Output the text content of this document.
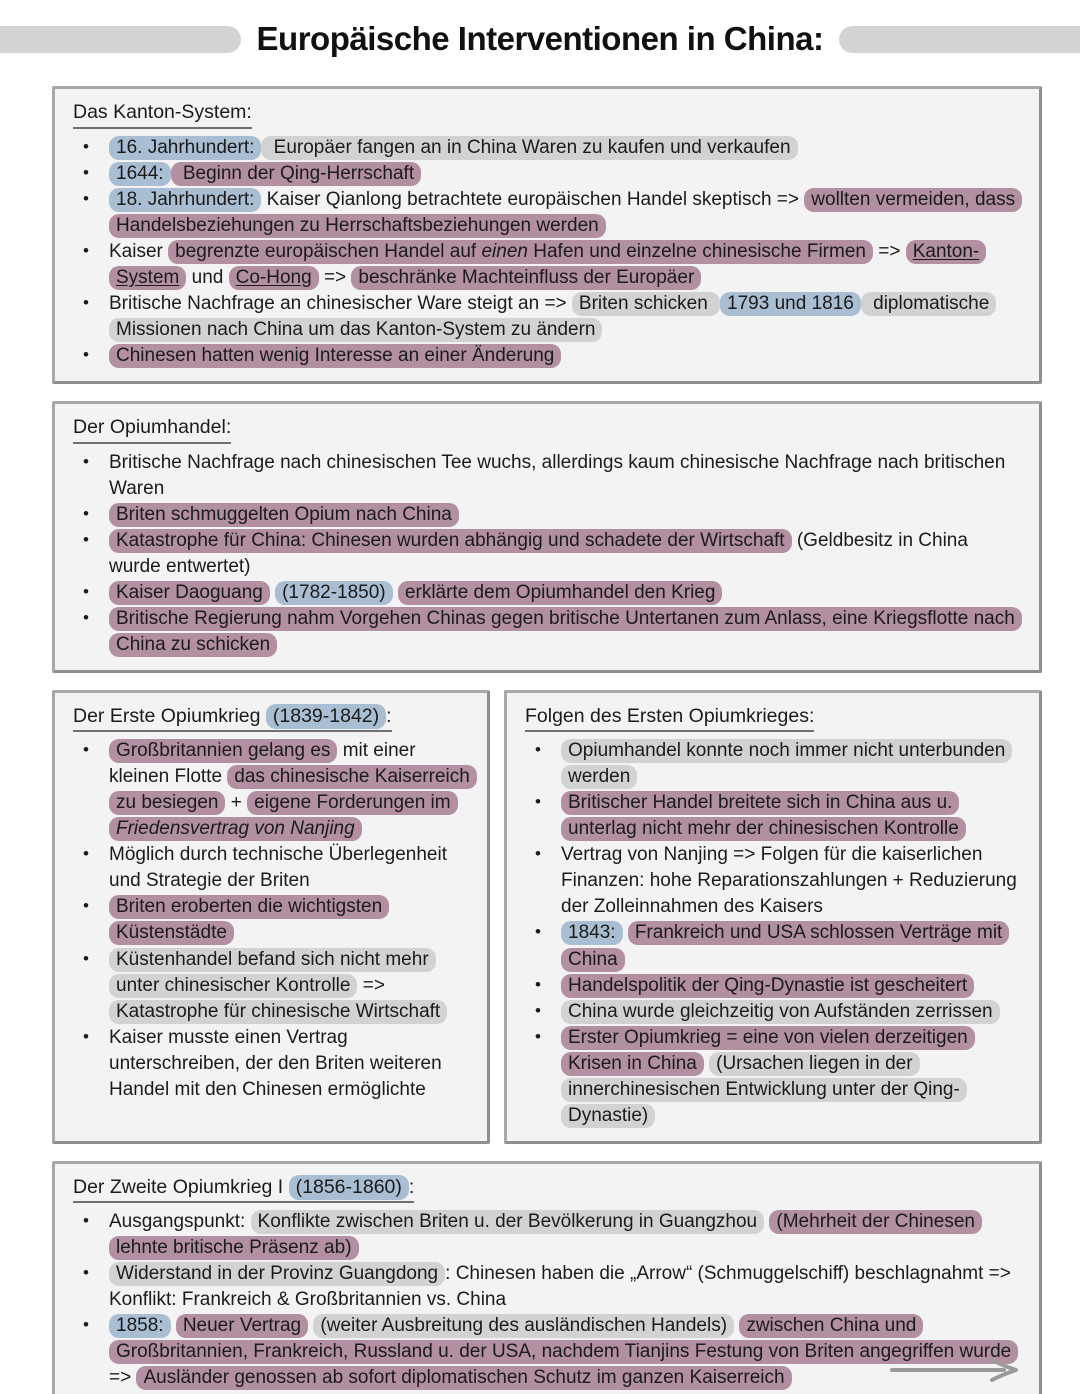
Europäische Interventionen in China:
Das Kanton-System:
• 16. Jahrhundert: Europäer fangen an in China Waren zu kaufen und verkaufen
• 1644: Beginn der Qing-Herrschaft
• 18. Jahrhundert: Kaiser Qianlong betrachtete europäischen Handel skeptisch => wollten vermeiden, dass Handelsbeziehungen zu Herrschaftsbeziehungen werden
• Kaiser begrenzte europäischen Handel auf einen Hafen und einzelne chinesische Firmen => Kanton-System und Co-Hong => beschränke Machteinfluss der Europäer
• Britische Nachfrage an chinesischer Ware steigt an => Briten schicken 1793 und 1816 diplomatische Missionen nach China um das Kanton-System zu ändern
• Chinesen hatten wenig Interesse an einer Änderung
Der Opiumhandel:
• Britische Nachfrage nach chinesischen Tee wuchs, allerdings kaum chinesische Nachfrage nach britischen Waren
• Briten schmuggelten Opium nach China
• Katastrophe für China: Chinesen wurden abhängig und schadete der Wirtschaft (Geldbesitz in China wurde entwertet)
• Kaiser Daoguang (1782-1850) erklärte dem Opiumhandel den Krieg
• Britische Regierung nahm Vorgehen Chinas gegen britische Untertanen zum Anlass, eine Kriegsflotte nach China zu schicken
Der Erste Opiumkrieg (1839-1842) :
• Großbritannien gelang es mit einer kleinen Flotte das chinesische Kaiserreich zu besiegen + eigene Forderungen im Friedensvertrag von Nanjing
• Möglich durch technische Überlegenheit und Strategie der Briten
• Briten eroberten die wichtigsten Küstenstädte
• Küstenhandel befand sich nicht mehr unter chinesischer Kontrolle => Katastrophe für chinesische Wirtschaft
• Kaiser musste einen Vertrag unterschreiben, der den Briten weiteren Handel mit den Chinesen ermöglichte
Folgen des Ersten Opiumkrieges:
• Opiumhandel konnte noch immer nicht unterbunden werden
• Britischer Handel breitete sich in China aus u. unterlag nicht mehr der chinesischen Kontrolle
• Vertrag von Nanjing => Folgen für die kaiserlichen Finanzen: hohe Reparationszahlungen + Reduzierung der Zolleinnahmen des Kaisers
• 1843: Frankreich und USA schlossen Verträge mit China
• Handelspolitik der Qing-Dynastie ist gescheitert
• China wurde gleichzeitig von Aufständen zerrissen
• Erster Opiumkrieg = eine von vielen derzeitigen Krisen in China (Ursachen liegen in der innerchinesischen Entwicklung unter der Qing-Dynastie)
Der Zweite Opiumkrieg I (1856-1860) :
• Ausgangspunkt: Konflikte zwischen Briten u. der Bevölkerung in Guangzhou (Mehrheit der Chinesen lehnte britische Präsenz ab)
• Widerstand in der Provinz Guangdong : Chinesen haben die „Arrow“ (Schmuggelschiff) beschlagnahmt => Konflikt: Frankreich & Großbritannien vs. China
• 1858: Neuer Vertrag (weiter Ausbreitung des ausländischen Handels) zwischen China und Großbritannien, Frankreich, Russland u. der USA, nachdem Tianjins Festung von Briten angegriffen wurde => Ausländer genossen ab sofort diplomatischen Schutz im ganzen Kaiserreich
